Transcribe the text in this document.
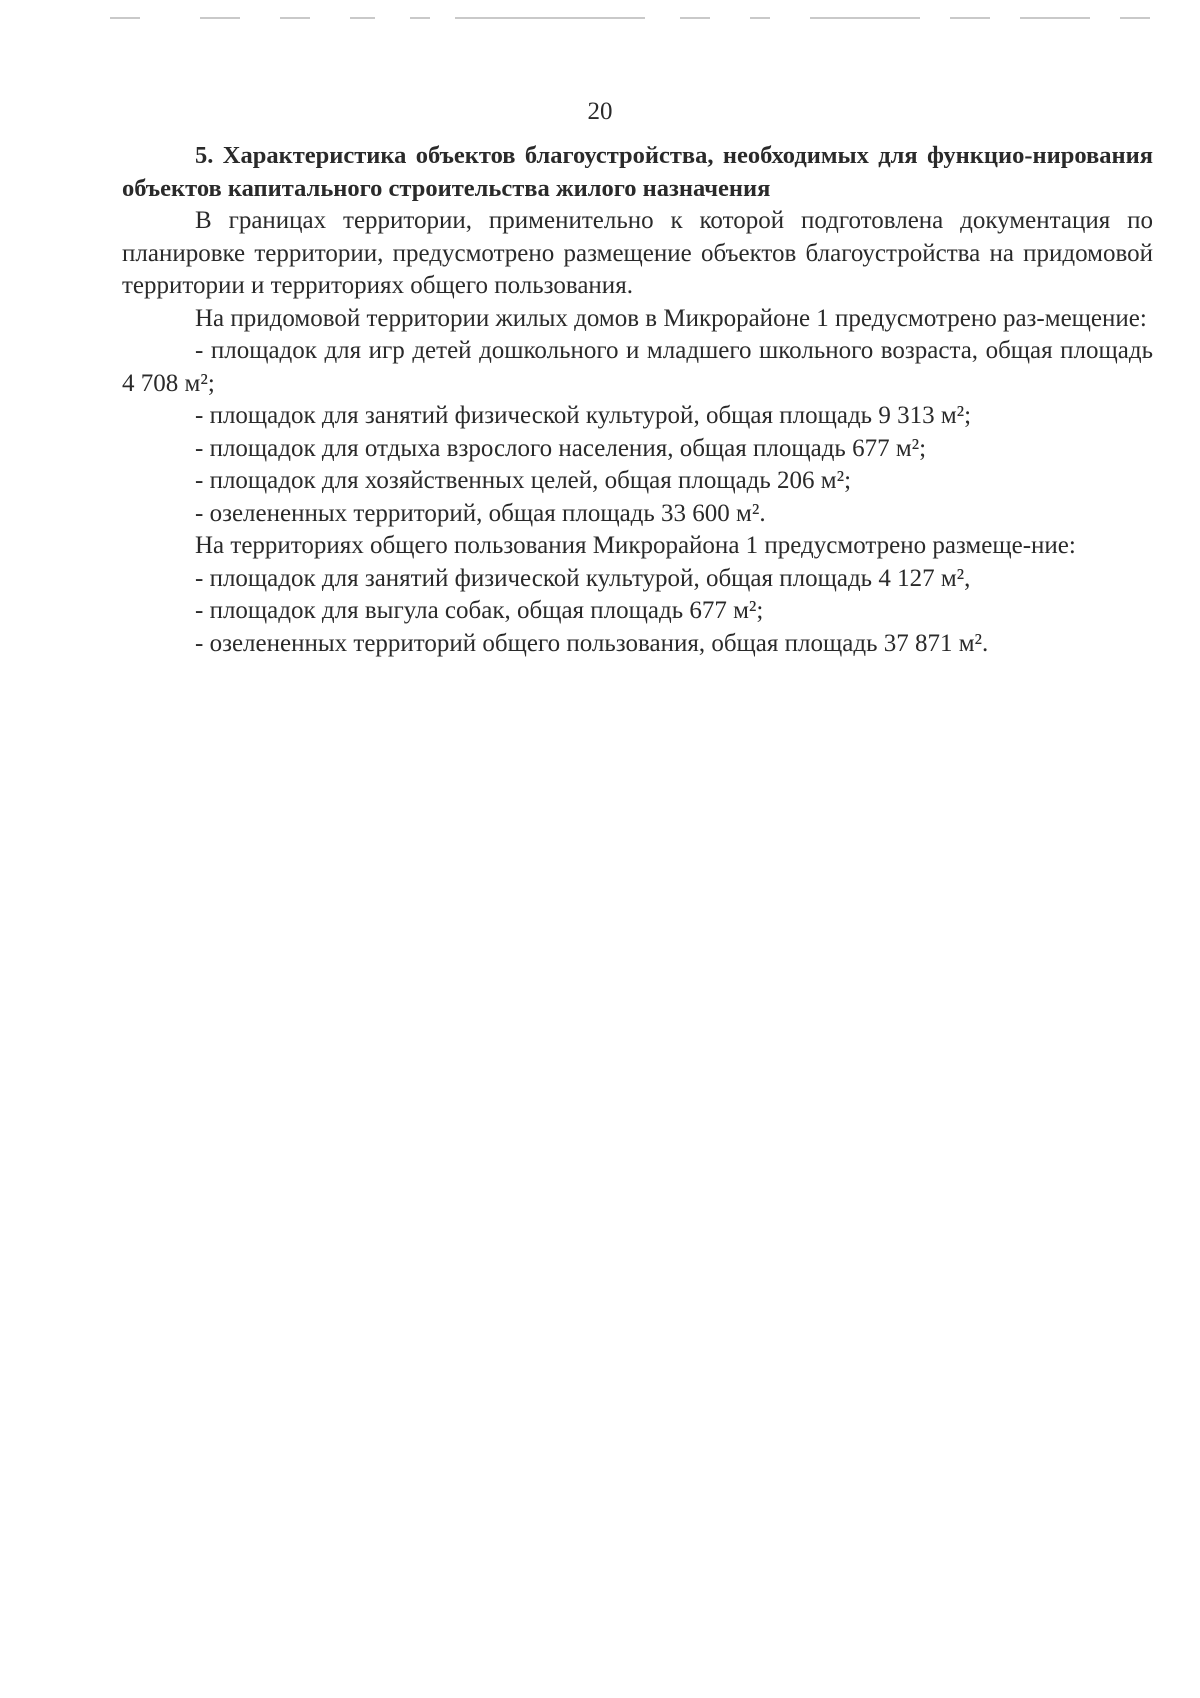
20

5. Характеристика объектов благоустройства, необходимых для функцио-нирования объектов капитального строительства жилого назначения

В границах территории, применительно к которой подготовлена документация по планировке территории, предусмотрено размещение объектов благоустройства на придомовой территории и территориях общего пользования.

На придомовой территории жилых домов в Микрорайоне 1 предусмотрено раз-мещение:

- площадок для игр детей дошкольного и младшего школьного возраста, общая площадь 4 708 м²;

- площадок для занятий физической культурой, общая площадь 9 313 м²;

- площадок для отдыха взрослого населения, общая площадь 677 м²;

- площадок для хозяйственных целей, общая площадь 206 м²;

- озелененных территорий, общая площадь 33 600 м².

На территориях общего пользования Микрорайона 1 предусмотрено размеще-ние:

- площадок для занятий физической культурой, общая площадь 4 127 м²,

- площадок для выгула собак, общая площадь 677 м²;

- озелененных территорий общего пользования, общая площадь 37 871 м².
